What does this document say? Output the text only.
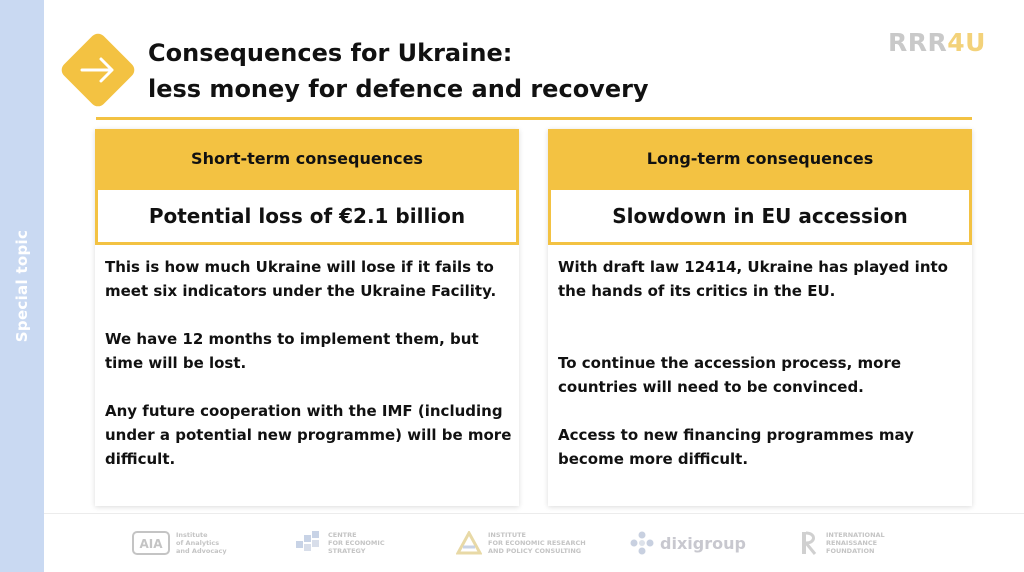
Special topic
Consequences for Ukraine:
less money for defence and recovery
RRR4U
Short-term consequences
Potential loss of €2.1 billion

This is how much Ukraine will lose if it fails to meet six indicators under the Ukraine Facility.

We have 12 months to implement them, but time will be lost.

Any future cooperation with the IMF (including under a potential new programme) will be more difficult.

Long-term consequences
Slowdown in EU accession

With draft law 12414, Ukraine has played into the hands of its critics in the EU.

To continue the accession process, more countries will need to be convinced.

Access to new financing programmes may become more difficult.

AIA
Institute
of Analytics
and Advocacy
CENTRE
FOR ECONOMIC
STRATEGY
INSTITUTE
FOR ECONOMIC RESEARCH
AND POLICY CONSULTING	dixigroup	INTERNATIONAL
RENAISSANCE
FOUNDATION
